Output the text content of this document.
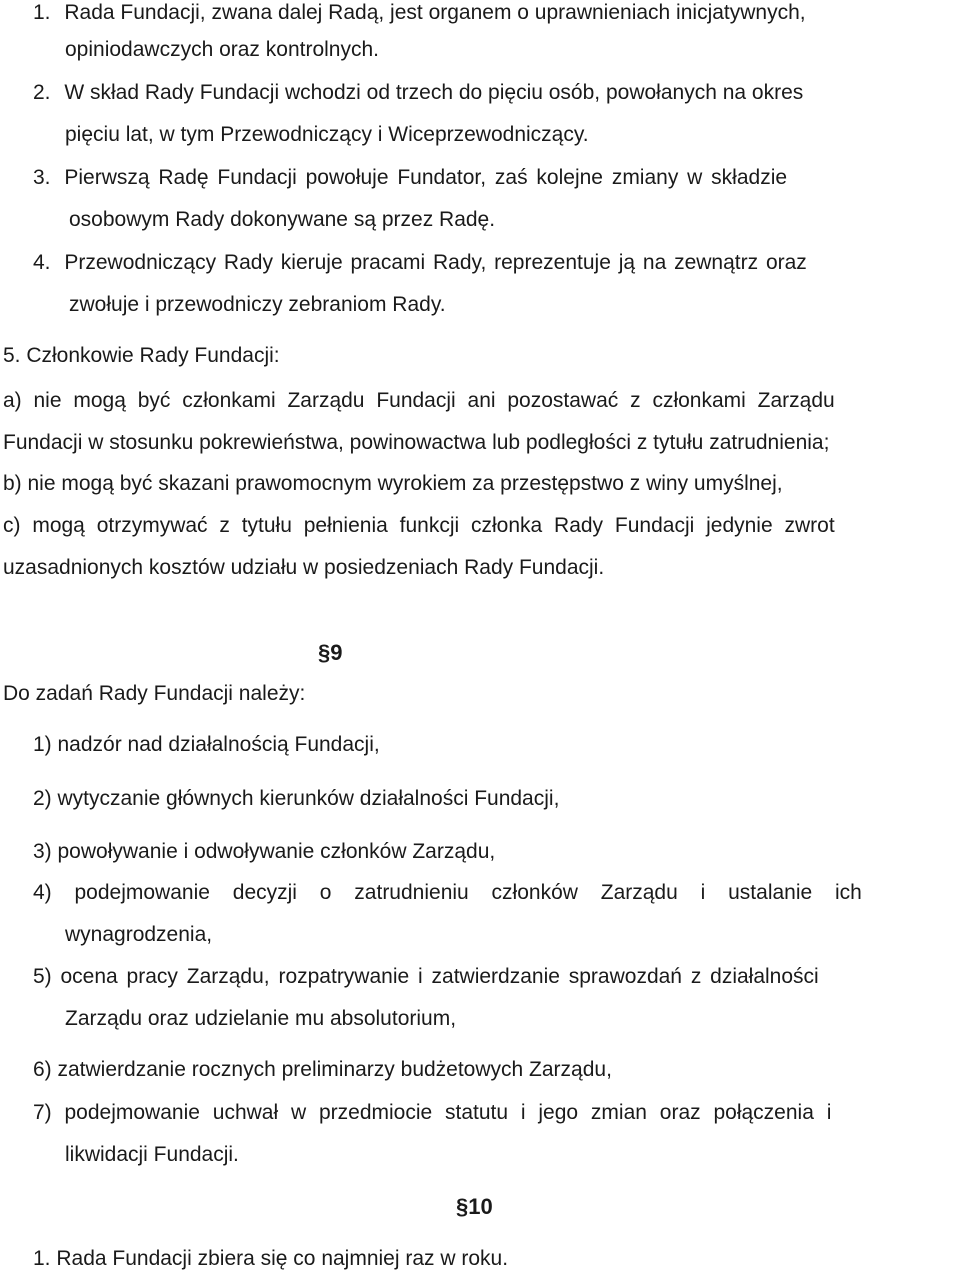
1. Rada Fundacji, zwana dalej Radą, jest organem o uprawnieniach inicjatywnych,
opiniodawczych oraz kontrolnych.
2. W skład Rady Fundacji wchodzi od trzech do pięciu osób, powołanych na okres
pięciu lat, w tym Przewodniczący i Wiceprzewodniczący.
3. Pierwszą Radę Fundacji powołuje Fundator, zaś kolejne zmiany w składzie
osobowym Rady dokonywane są przez Radę.
4. Przewodniczący Rady kieruje pracami Rady, reprezentuje ją na zewnątrz oraz
zwołuje i przewodniczy zebraniom Rady.
5. Członkowie Rady Fundacji:
a) nie mogą być członkami Zarządu Fundacji ani pozostawać z członkami Zarządu
Fundacji w stosunku pokrewieństwa, powinowactwa lub podległości z tytułu zatrudnienia;
b) nie mogą być skazani prawomocnym wyrokiem za przestępstwo z winy umyślnej,
c) mogą otrzymywać z tytułu pełnienia funkcji członka Rady Fundacji jedynie zwrot
uzasadnionych kosztów udziału w posiedzeniach Rady Fundacji.
§9
Do zadań Rady Fundacji należy:
1) nadzór nad działalnością Fundacji,
2) wytyczanie głównych kierunków działalności Fundacji,
3) powoływanie i odwoływanie członków Zarządu,
4) podejmowanie decyzji o zatrudnieniu członków Zarządu i ustalanie ich
wynagrodzenia,
5) ocena pracy Zarządu, rozpatrywanie i zatwierdzanie sprawozdań z działalności
Zarządu oraz udzielanie mu absolutorium,
6) zatwierdzanie rocznych preliminarzy budżetowych Zarządu,
7) podejmowanie uchwał w przedmiocie statutu i jego zmian oraz połączenia i
likwidacji Fundacji.
§10
1. Rada Fundacji zbiera się co najmniej raz w roku.
